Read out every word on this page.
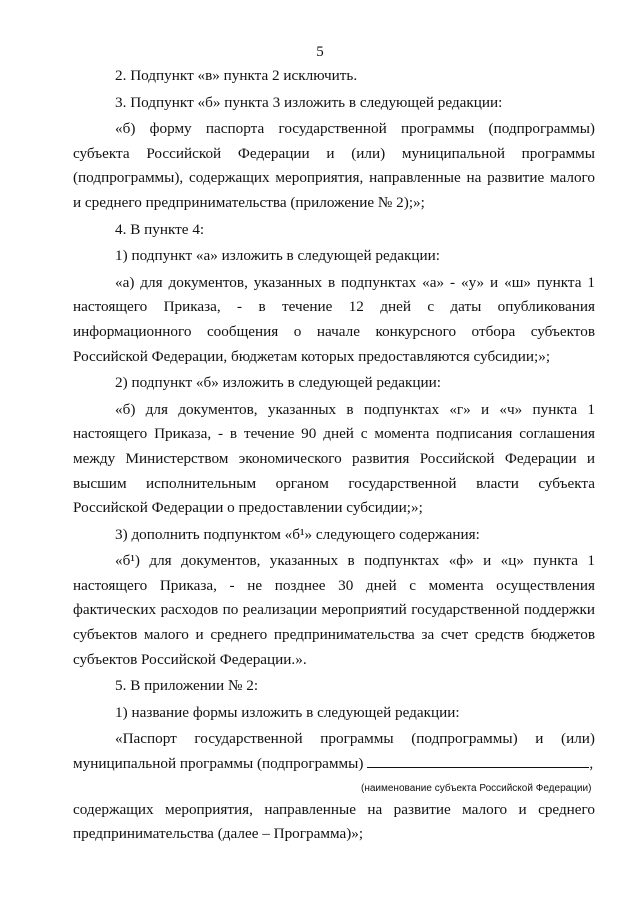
5

2. Подпункт «в» пункта 2 исключить.

3. Подпункт «б» пункта 3 изложить в следующей редакции:

«б) форму паспорта государственной программы (подпрограммы) субъекта Российской Федерации и (или) муниципальной программы (подпрограммы), содержащих мероприятия, направленные на развитие малого и среднего предпринимательства (приложение № 2);»;

4. В пункте 4:

1) подпункт «а» изложить в следующей редакции:

«а) для документов, указанных в подпунктах «а» - «у» и «ш» пункта 1 настоящего Приказа, - в течение 12 дней с даты опубликования информационного сообщения о начале конкурсного отбора субъектов Российской Федерации, бюджетам которых предоставляются субсидии;»;

2) подпункт «б» изложить в следующей редакции:

«б) для документов, указанных в подпунктах «г» и «ч» пункта 1 настоящего Приказа, - в течение 90 дней с момента подписания соглашения между Министерством экономического развития Российской Федерации и высшим исполнительным органом государственной власти субъекта Российской Федерации о предоставлении субсидии;»;

3) дополнить подпунктом «б¹» следующего содержания:

«б¹) для документов, указанных в подпунктах «ф» и «ц» пункта 1 настоящего Приказа, - не позднее 30 дней с момента осуществления фактических расходов по реализации мероприятий государственной поддержки субъектов малого и среднего предпринимательства за счет средств бюджетов субъектов Российской Федерации.».

5. В приложении № 2:

1) название формы изложить в следующей редакции:

«Паспорт государственной программы (подпрограммы) и (или)

муниципальной программы (подпрограммы)	,

(наименование субъекта Российской Федерации)

содержащих мероприятия, направленные на развитие малого и среднего предпринимательства (далее – Программа)»;
